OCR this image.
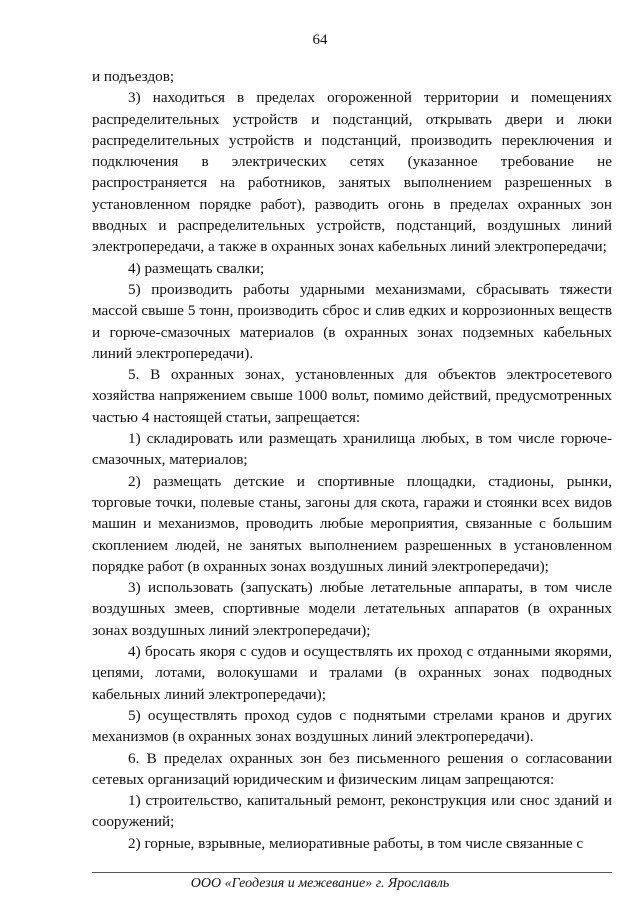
64

и подъездов;

3) находиться в пределах огороженной территории и помещениях распределительных устройств и подстанций, открывать двери и люки распределительных устройств и подстанций, производить переключения и подключения в электрических сетях (указанное требование не распространяется на работников, занятых выполнением разрешенных в установленном порядке работ), разводить огонь в пределах охранных зон вводных и распределительных устройств, подстанций, воздушных линий электропередачи, а также в охранных зонах кабельных линий электропередачи;

4) размещать свалки;

5) производить работы ударными механизмами, сбрасывать тяжести массой свыше 5 тонн, производить сброс и слив едких и коррозионных веществ и горюче-смазочных материалов (в охранных зонах подземных кабельных линий электропередачи).

5. В охранных зонах, установленных для объектов электросетевого хозяйства напряжением свыше 1000 вольт, помимо действий, предусмотренных частью 4 настоящей статьи, запрещается:

1) складировать или размещать хранилища любых, в том числе горюче-смазочных, материалов;

2) размещать детские и спортивные площадки, стадионы, рынки, торговые точки, полевые станы, загоны для скота, гаражи и стоянки всех видов машин и механизмов, проводить любые мероприятия, связанные с большим скоплением людей, не занятых выполнением разрешенных в установленном порядке работ (в охранных зонах воздушных линий электропередачи);

3) использовать (запускать) любые летательные аппараты, в том числе воздушных змеев, спортивные модели летательных аппаратов (в охранных зонах воздушных линий электропередачи);

4) бросать якоря с судов и осуществлять их проход с отданными якорями, цепями, лотами, волокушами и тралами (в охранных зонах подводных кабельных линий электропередачи);

5) осуществлять проход судов с поднятыми стрелами кранов и других механизмов (в охранных зонах воздушных линий электропередачи).

6. В пределах охранных зон без письменного решения о согласовании сетевых организаций юридическим и физическим лицам запрещаются:

1) строительство, капитальный ремонт, реконструкция или снос зданий и сооружений;

2) горные, взрывные, мелиоративные работы, в том числе связанные с

ООО «Геодезия и межевание» г. Ярославль
